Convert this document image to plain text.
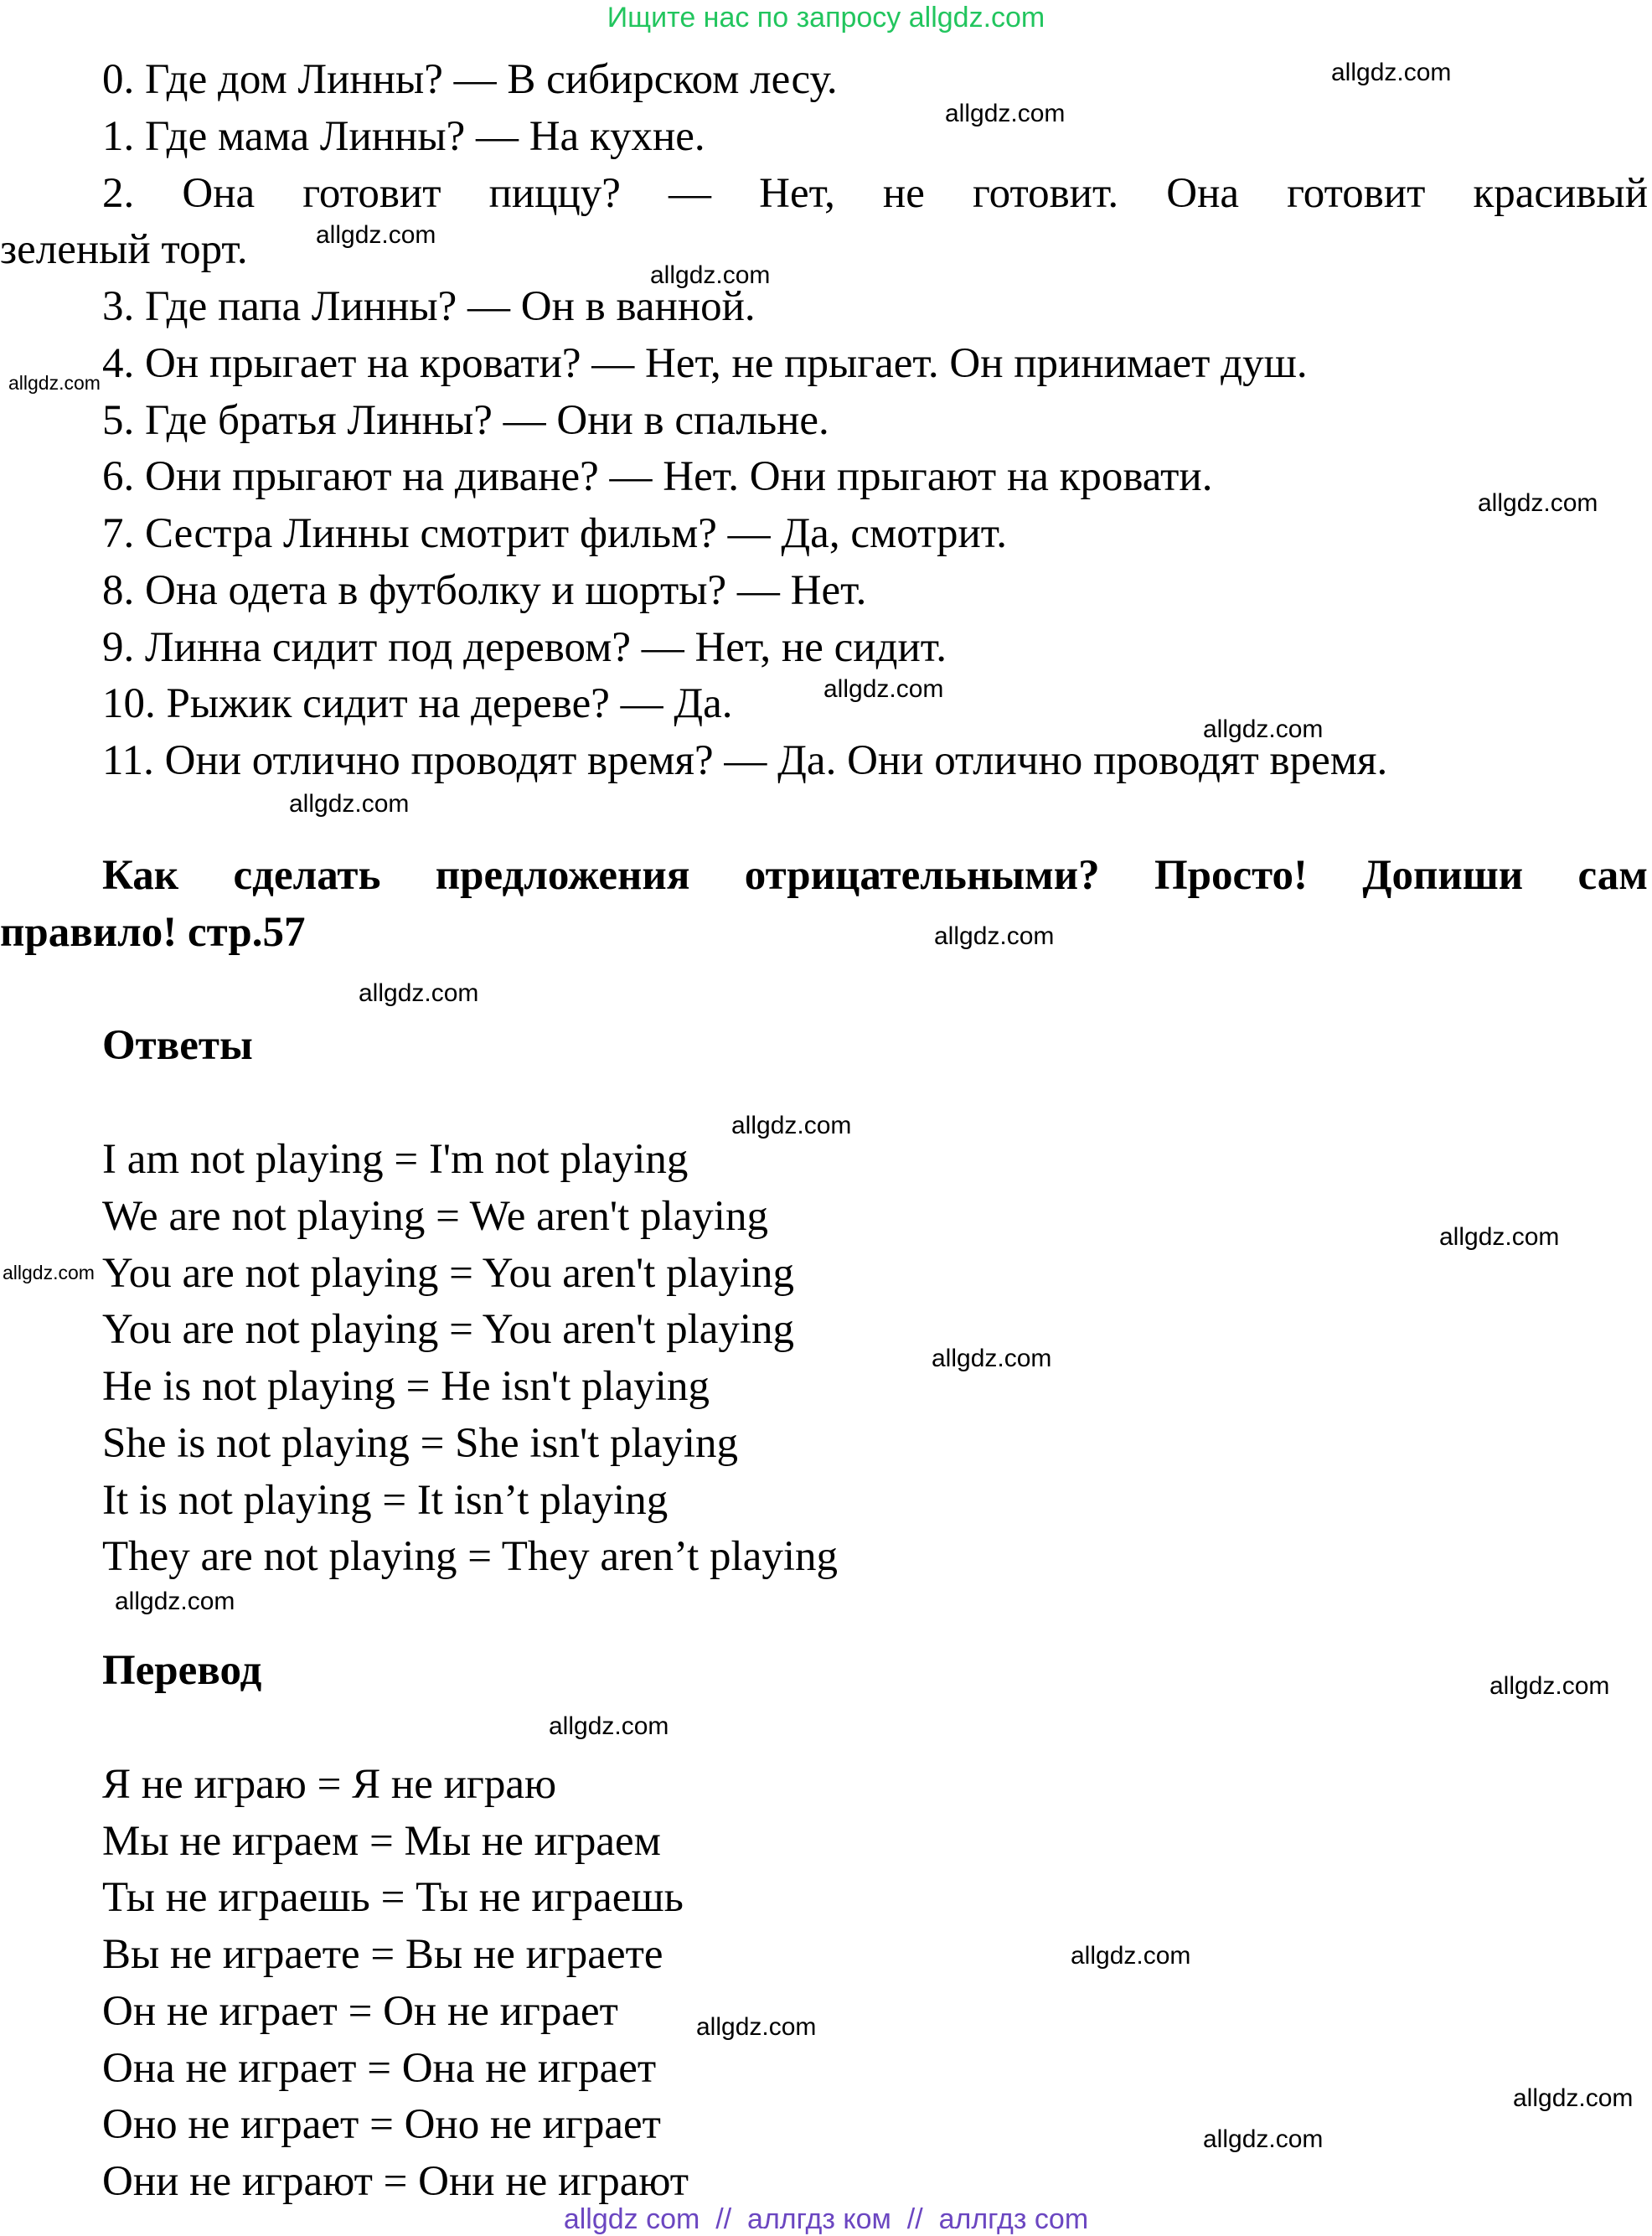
Ищите нас по запросу allgdz.com
0. Где дом Линны? — В сибирском лесу.
1. Где мама Линны? — На кухне.
2. Она готовит пиццу? — Нет, не готовит. Она готовит красивый
зеленый торт.
3. Где папа Линны? — Он в ванной.
4. Он прыгает на кровати? — Нет, не прыгает. Он принимает душ.
5. Где братья Линны? — Они в спальне.
6. Они прыгают на диване? — Нет. Они прыгают на кровати.
7. Сестра Линны смотрит фильм? — Да, смотрит.
8. Она одета в футболку и шорты? — Нет.
9. Линна сидит под деревом? — Нет, не сидит.
10. Рыжик сидит на дереве? — Да.
11. Они отлично проводят время? — Да. Они отлично проводят время.
Как сделать предложения отрицательными? Просто! Допиши сам
правило! стр.57
Ответы
I am not playing = I'm not playing
We are not playing = We aren't playing
You are not playing = You aren't playing
You are not playing = You aren't playing
He is not playing = He isn't playing
She is not playing = She isn't playing
It is not playing = It isn’t playing
They are not playing = They aren’t playing
Перевод
Я не играю = Я не играю
Мы не играем = Мы не играем
Ты не играешь = Ты не играешь
Вы не играете = Вы не играете
Он не играет = Он не играет
Она не играет = Она не играет
Оно не играет = Оно не играет
Они не играют = Они не играют
allgdz.com
allgdz.com
allgdz.com
allgdz.com
allgdz.com
allgdz.com
allgdz.com
allgdz.com
allgdz.com
allgdz.com
allgdz.com
allgdz.com
allgdz.com
allgdz.com
allgdz.com
allgdz.com
allgdz.com
allgdz.com
allgdz.com
allgdz.com
allgdz.com
allgdz.com
allgdz com  //  аллгдз ком  //  аллгдз com
